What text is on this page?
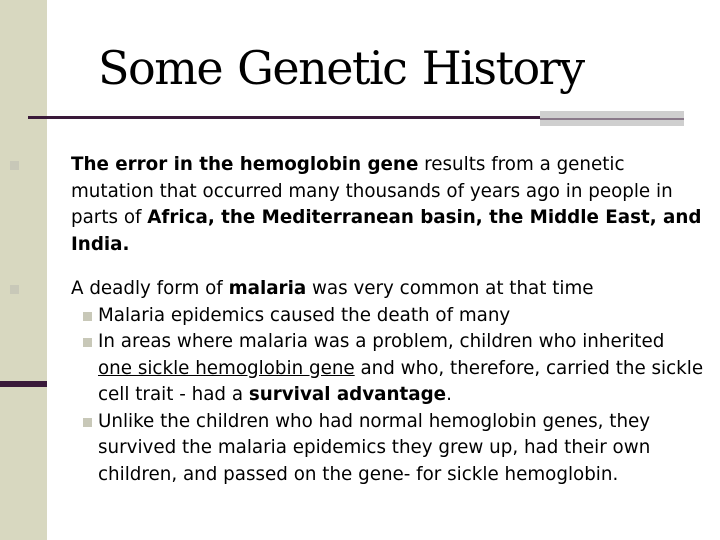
Some Genetic History
The error in the hemoglobin gene results from a genetic mutation that occurred many thousands of years ago in people in parts of Africa, the Mediterranean basin, the Middle East, and India.
A deadly form of malaria was very common at that time
Malaria epidemics caused the death of many
In areas where malaria was a problem, children who inherited one sickle hemoglobin gene and who, therefore, carried the sickle cell trait - had a survival advantage.
Unlike the children who had normal hemoglobin genes, they survived the malaria epidemics they grew up, had their own children, and passed on the gene- for sickle hemoglobin.
